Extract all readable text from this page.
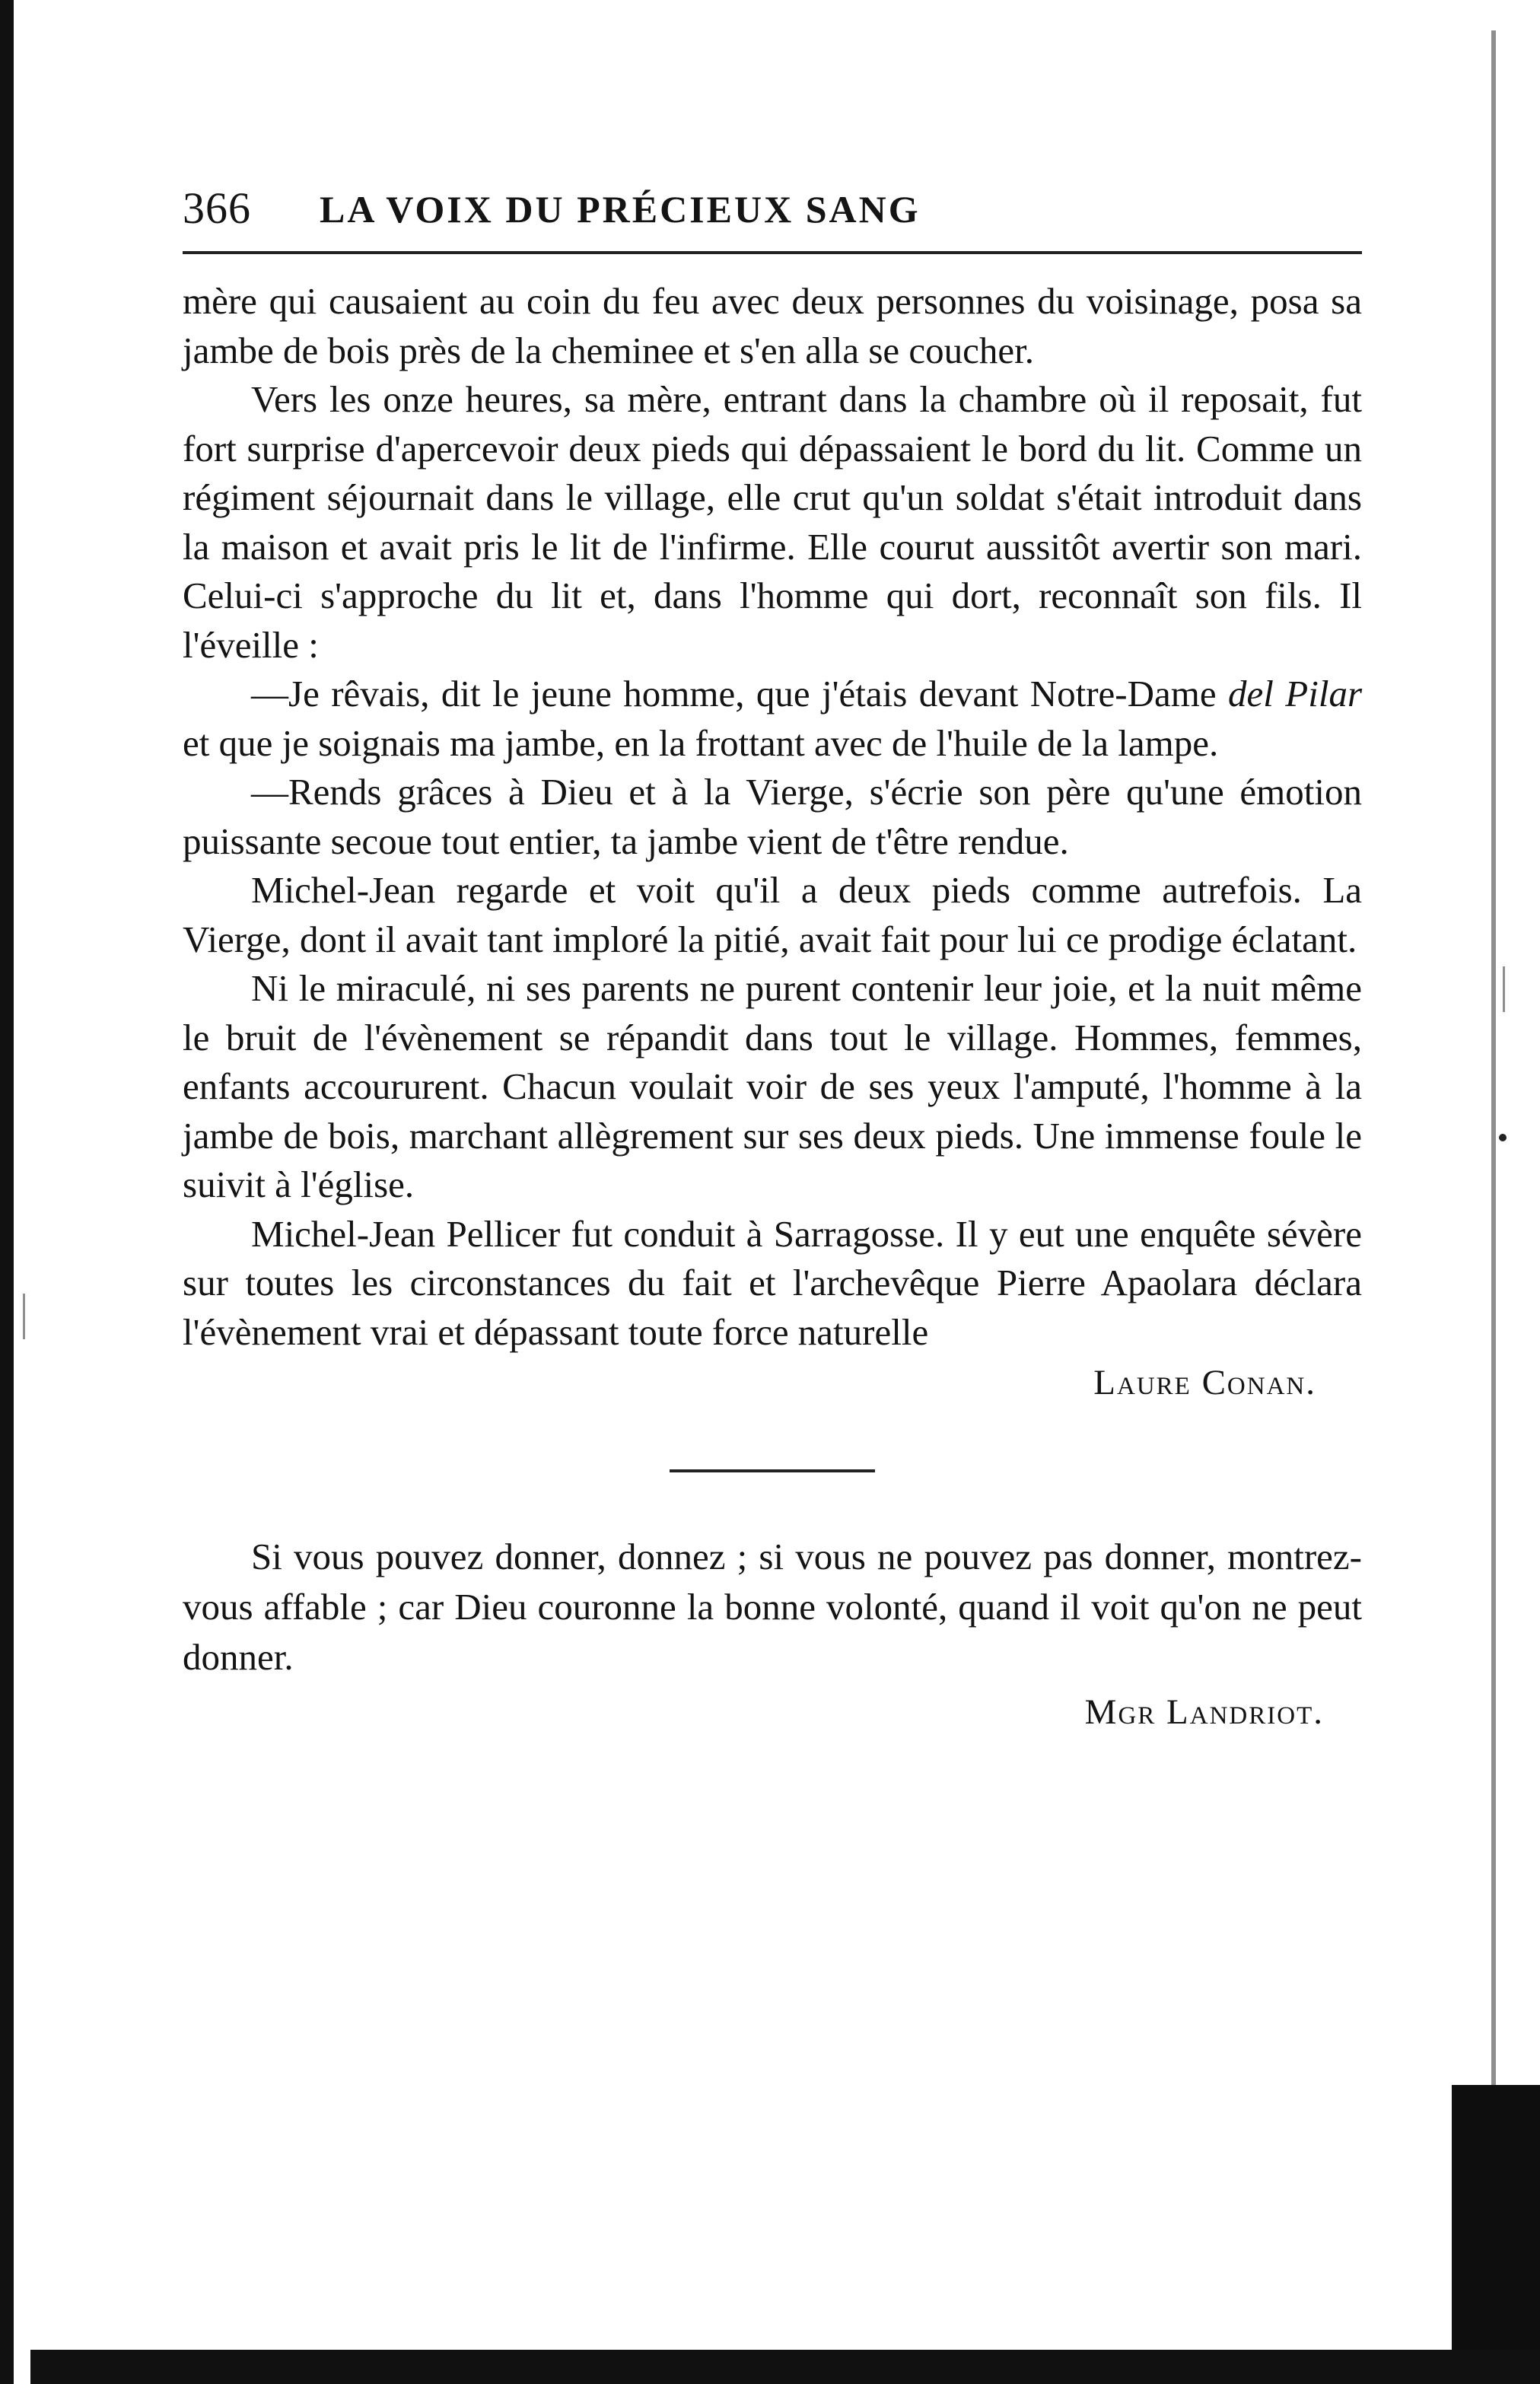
366 LA VOIX DU PRÉCIEUX SANG

mère qui causaient au coin du feu avec deux personnes du voisinage, posa sa jambe de bois près de la cheminee et s'en alla se coucher.

Vers les onze heures, sa mère, entrant dans la chambre où il reposait, fut fort surprise d'apercevoir deux pieds qui dépassaient le bord du lit. Comme un régiment séjournait dans le village, elle crut qu'un soldat s'était introduit dans la maison et avait pris le lit de l'infirme. Elle courut aussitôt avertir son mari. Celui-ci s'approche du lit et, dans l'homme qui dort, reconnaît son fils. Il l'éveille :

—Je rêvais, dit le jeune homme, que j'étais devant Notre-Dame del Pilar et que je soignais ma jambe, en la frottant avec de l'huile de la lampe.

—Rends grâces à Dieu et à la Vierge, s'écrie son père qu'une émotion puissante secoue tout entier, ta jambe vient de t'être rendue.

Michel-Jean regarde et voit qu'il a deux pieds comme autrefois. La Vierge, dont il avait tant imploré la pitié, avait fait pour lui ce prodige éclatant.

Ni le miraculé, ni ses parents ne purent contenir leur joie, et la nuit même le bruit de l'évènement se répandit dans tout le village. Hommes, femmes, enfants accoururent. Chacun voulait voir de ses yeux l'amputé, l'homme à la jambe de bois, marchant allègrement sur ses deux pieds. Une immense foule le suivit à l'église.

Michel-Jean Pellicer fut conduit à Sarragosse. Il y eut une enquête sévère sur toutes les circonstances du fait et l'archevêque Pierre Apaolara déclara l'évènement vrai et dépassant toute force naturelle

Laure Conan.

Si vous pouvez donner, donnez ; si vous ne pouvez pas donner, montrez-vous affable ; car Dieu couronne la bonne volonté, quand il voit qu'on ne peut donner.

Mgr Landriot.
